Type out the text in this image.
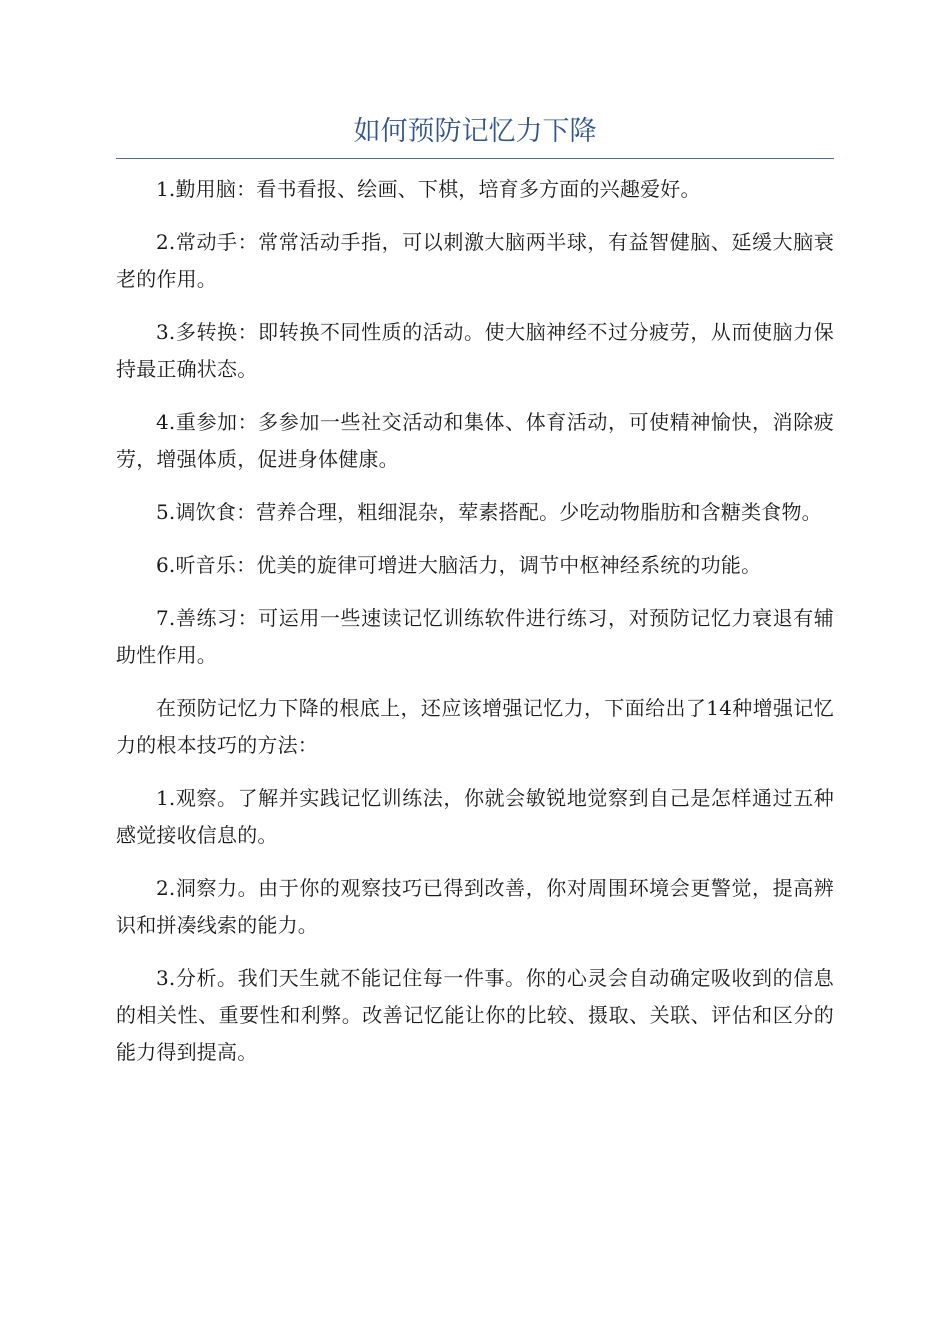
如何预防记忆力下降

1.勤用脑：看书看报、绘画、下棋，培育多方面的兴趣爱好。

2.常动手：常常活动手指，可以刺激大脑两半球，有益智健脑、延缓大脑衰老的作用。

3.多转换：即转换不同性质的活动。使大脑神经不过分疲劳，从而使脑力保持最正确状态。

4.重参加：多参加一些社交活动和集体、体育活动，可使精神愉快，消除疲劳，增强体质，促进身体健康。

5.调饮食：营养合理，粗细混杂，荤素搭配。少吃动物脂肪和含糖类食物。

6.听音乐：优美的旋律可增进大脑活力，调节中枢神经系统的功能。

7.善练习：可运用一些速读记忆训练软件进行练习，对预防记忆力衰退有辅助性作用。

在预防记忆力下降的根底上，还应该增强记忆力，下面给出了14种增强记忆力的根本技巧的方法：

1.观察。了解并实践记忆训练法，你就会敏锐地觉察到自己是怎样通过五种感觉接收信息的。

2.洞察力。由于你的观察技巧已得到改善，你对周围环境会更警觉，提高辨识和拼凑线索的能力。

3.分析。我们天生就不能记住每一件事。你的心灵会自动确定吸收到的信息的相关性、重要性和利弊。改善记忆能让你的比较、摄取、关联、评估和区分的能力得到提高。
